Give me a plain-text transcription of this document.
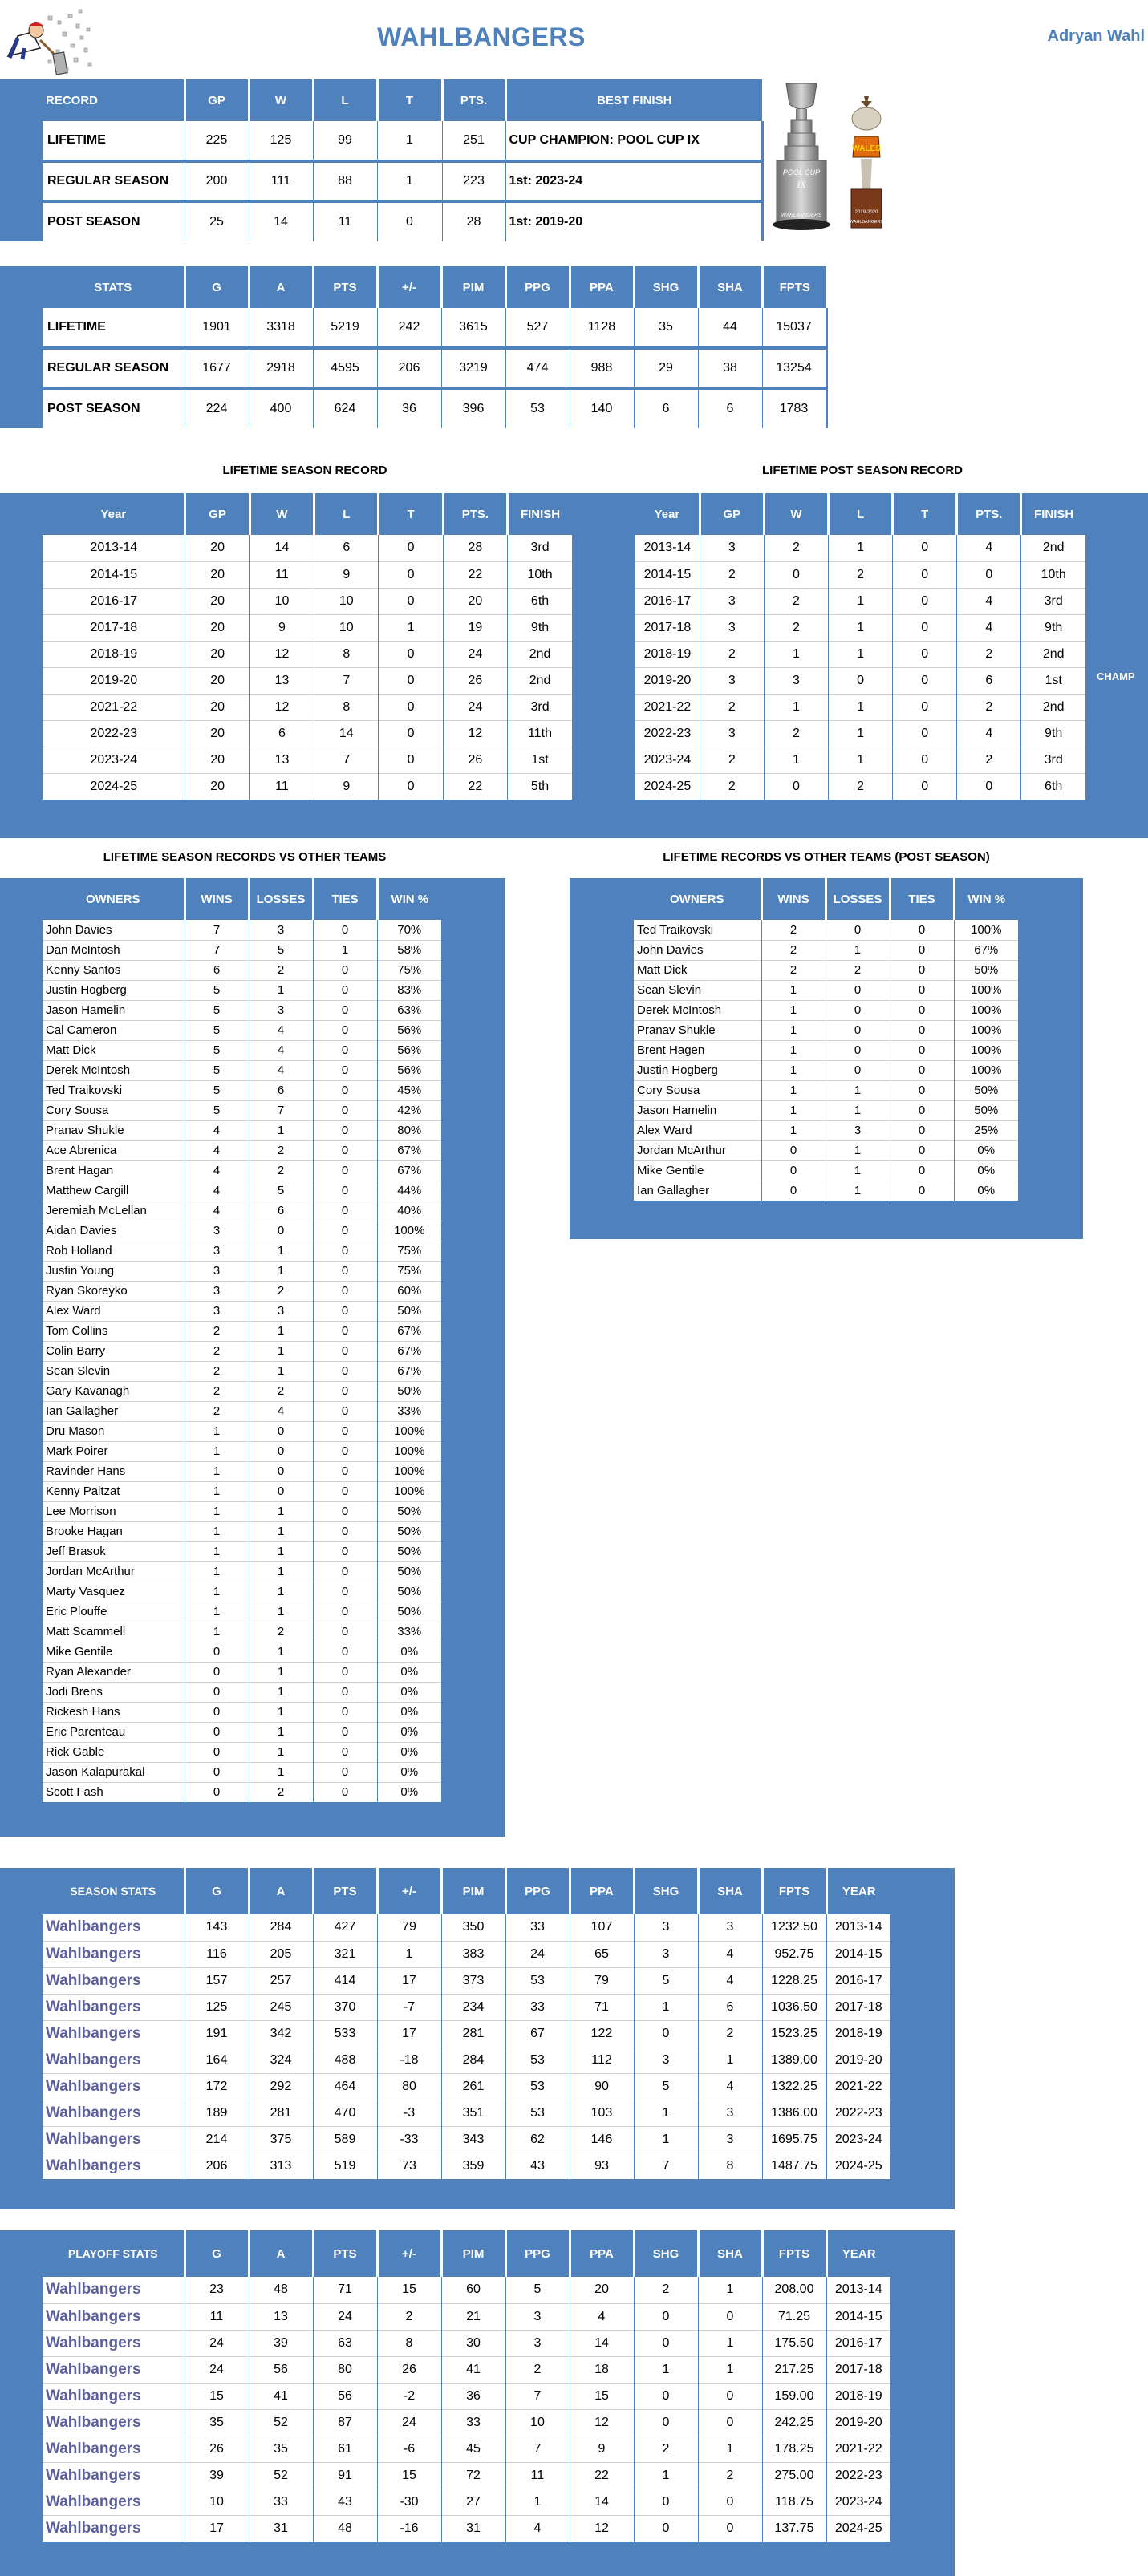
WAHLBANGERS	Adryan Wahl
	RECORD	GP	W	L	T	PTS.	BEST FINISH
	LIFETIME	225	125	99	1	251	CUP CHAMPION: POOL CUP IX
	REGULAR SEASON	200	111	88	1	223	1st: 2023-24
	POST SEASON	25	14	11	0	28	1st: 2019-20
POOL CUP
IX
WAHLBANGERS
WALES
2019-2020
WAHLBANGERS
	STATS	G	A	PTS	+/-	PIM	PPG	PPA	SHG	SHA	FPTS
	LIFETIME	1901	3318	5219	242	3615	527	1128	35	44	15037
	REGULAR SEASON	1677	2918	4595	206	3219	474	988	29	38	13254
	POST SEASON	224	400	624	36	396	53	140	6	6	1783
LIFETIME SEASON RECORD	LIFETIME POST SEASON RECORD
	Year	GP	W	L	T	PTS.	FINISH
	2013-14	20	14	6	0	28	3rd
	2014-15	20	11	9	0	22	10th
	2016-17	20	10	10	0	20	6th
	2017-18	20	9	10	1	19	9th
	2018-19	20	12	8	0	24	2nd
	2019-20	20	13	7	0	26	2nd
	2021-22	20	12	8	0	24	3rd
	2022-23	20	6	14	0	12	11th
	2023-24	20	13	7	0	26	1st
	2024-25	20	11	9	0	22	5th
	Year	GP	W	L	T	PTS.	FINISH
	2013-14	3	2	1	0	4	2nd
	2014-15	2	0	2	0	0	10th
	2016-17	3	2	1	0	4	3rd
	2017-18	3	2	1	0	4	9th
	2018-19	2	1	1	0	2	2nd
	2019-20	3	3	0	0	6	1st
	2021-22	2	1	1	0	2	2nd
	2022-23	3	2	1	0	4	9th
	2023-24	2	1	1	0	2	3rd
	2024-25	2	0	2	0	0	6th
CHAMP
LIFETIME SEASON RECORDS VS OTHER TEAMS	LIFETIME RECORDS VS OTHER TEAMS (POST SEASON)
	OWNERS	WINS	LOSSES	TIES	WIN %
	John Davies	7	3	0	70%
	Dan McIntosh	7	5	1	58%
	Kenny Santos	6	2	0	75%
	Justin Hogberg	5	1	0	83%
	Jason Hamelin	5	3	0	63%
	Cal Cameron	5	4	0	56%
	Matt Dick	5	4	0	56%
	Derek McIntosh	5	4	0	56%
	Ted Traikovski	5	6	0	45%
	Cory Sousa	5	7	0	42%
	Pranav Shukle	4	1	0	80%
	Ace Abrenica	4	2	0	67%
	Brent Hagan	4	2	0	67%
	Matthew Cargill	4	5	0	44%
	Jeremiah McLellan	4	6	0	40%
	Aidan Davies	3	0	0	100%
	Rob Holland	3	1	0	75%
	Justin Young	3	1	0	75%
	Ryan Skoreyko	3	2	0	60%
	Alex Ward	3	3	0	50%
	Tom Collins	2	1	0	67%
	Colin Barry	2	1	0	67%
	Sean Slevin	2	1	0	67%
	Gary Kavanagh	2	2	0	50%
	Ian Gallagher	2	4	0	33%
	Dru Mason	1	0	0	100%
	Mark Poirer	1	0	0	100%
	Ravinder Hans	1	0	0	100%
	Kenny Paltzat	1	0	0	100%
	Lee Morrison	1	1	0	50%
	Brooke Hagan	1	1	0	50%
	Jeff Brasok	1	1	0	50%
	Jordan McArthur	1	1	0	50%
	Marty Vasquez	1	1	0	50%
	Eric Plouffe	1	1	0	50%
	Matt Scammell	1	2	0	33%
	Mike Gentile	0	1	0	0%
	Ryan Alexander	0	1	0	0%
	Jodi Brens	0	1	0	0%
	Rickesh Hans	0	1	0	0%
	Eric Parenteau	0	1	0	0%
	Rick Gable	0	1	0	0%
	Jason Kalapurakal	0	1	0	0%
	Scott Fash	0	2	0	0%
	OWNERS	WINS	LOSSES	TIES	WIN %
	Ted Traikovski	2	0	0	100%
	John Davies	2	1	0	67%
	Matt Dick	2	2	0	50%
	Sean Slevin	1	0	0	100%
	Derek McIntosh	1	0	0	100%
	Pranav Shukle	1	0	0	100%
	Brent Hagen	1	0	0	100%
	Justin Hogberg	1	0	0	100%
	Cory Sousa	1	1	0	50%
	Jason Hamelin	1	1	0	50%
	Alex Ward	1	3	0	25%
	Jordan McArthur	0	1	0	0%
	Mike Gentile	0	1	0	0%
	Ian Gallagher	0	1	0	0%
	SEASON STATS	G	A	PTS	+/-	PIM	PPG	PPA	SHG	SHA	FPTS	YEAR
	Wahlbangers	143	284	427	79	350	33	107	3	3	1232.50	2013-14
	Wahlbangers	116	205	321	1	383	24	65	3	4	952.75	2014-15
	Wahlbangers	157	257	414	17	373	53	79	5	4	1228.25	2016-17
	Wahlbangers	125	245	370	-7	234	33	71	1	6	1036.50	2017-18
	Wahlbangers	191	342	533	17	281	67	122	0	2	1523.25	2018-19
	Wahlbangers	164	324	488	-18	284	53	112	3	1	1389.00	2019-20
	Wahlbangers	172	292	464	80	261	53	90	5	4	1322.25	2021-22
	Wahlbangers	189	281	470	-3	351	53	103	1	3	1386.00	2022-23
	Wahlbangers	214	375	589	-33	343	62	146	1	3	1695.75	2023-24
	Wahlbangers	206	313	519	73	359	43	93	7	8	1487.75	2024-25
	PLAYOFF STATS	G	A	PTS	+/-	PIM	PPG	PPA	SHG	SHA	FPTS	YEAR
	Wahlbangers	23	48	71	15	60	5	20	2	1	208.00	2013-14
	Wahlbangers	11	13	24	2	21	3	4	0	0	71.25	2014-15
	Wahlbangers	24	39	63	8	30	3	14	0	1	175.50	2016-17
	Wahlbangers	24	56	80	26	41	2	18	1	1	217.25	2017-18
	Wahlbangers	15	41	56	-2	36	7	15	0	0	159.00	2018-19
	Wahlbangers	35	52	87	24	33	10	12	0	0	242.25	2019-20
	Wahlbangers	26	35	61	-6	45	7	9	2	1	178.25	2021-22
	Wahlbangers	39	52	91	15	72	11	22	1	2	275.00	2022-23
	Wahlbangers	10	33	43	-30	27	1	14	0	0	118.75	2023-24
	Wahlbangers	17	31	48	-16	31	4	12	0	0	137.75	2024-25
